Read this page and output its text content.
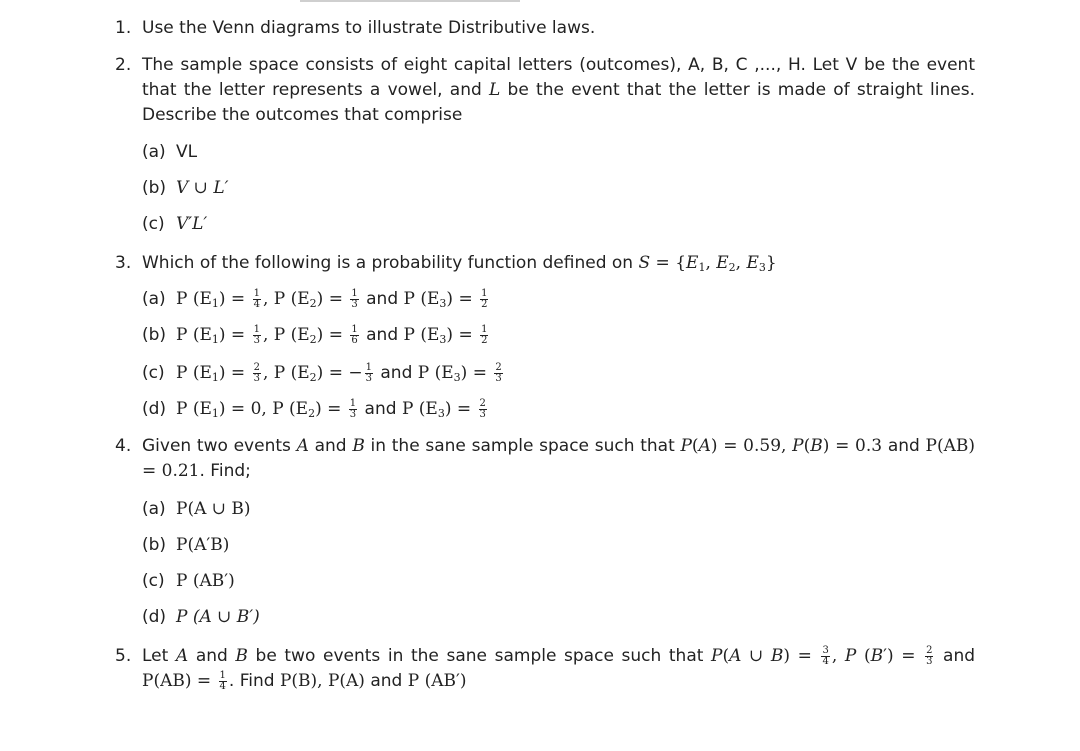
1. Use the Venn diagrams to illustrate Distributive laws.
2. The sample space consists of eight capital letters (outcomes), A, B, C ,..., H. Let V be the event that the letter represents a vowel, and L be the event that the letter is made of straight lines. Describe the outcomes that comprise
(a) VL
(b) V ∪ L′
(c) V′L′
3. Which of the following is a probability function defined on $S = \{E_1$, $E_2$, $E_3$}
(a) P $(E_1) = \frac{1}{4}$ , P $(E_2) = \frac{1}{3}$ and P $(E_3) = \frac{1}{2}$
(b) P $(E_1) = \frac{1}{3}$ , P $(E_2) = \frac{1}{6}$ and P $(E_3) = \frac{1}{2}$
(c) P $(E_1) = \frac{2}{3}$ , P $(E_2)$ = − $\frac{1}{3}$ and P $(E_3) = \frac{2}{3}$
(d) P $(E_1) = 0$, P $(E_2) = \frac{1}{3}$ and P $(E_3) = \frac{2}{3}$
4. Given two events A and B in the sane sample space such that P(A) = 0.59, P(B) = 0.3 and P(AB) = 0.21. Find;
(a) P(A ∪ B)
(b) P(A′B)
(c) P (AB′)
(d) P (A ∪ B′)
5. Let A and B be two events in the sane sample space such that P(A ∪ $B) = \frac{3}{4}$ , P $(B') = \frac{2}{3}$ and $P(AB) = \frac{1}{4}$ . Find P(B), P(A) and P (AB′)
